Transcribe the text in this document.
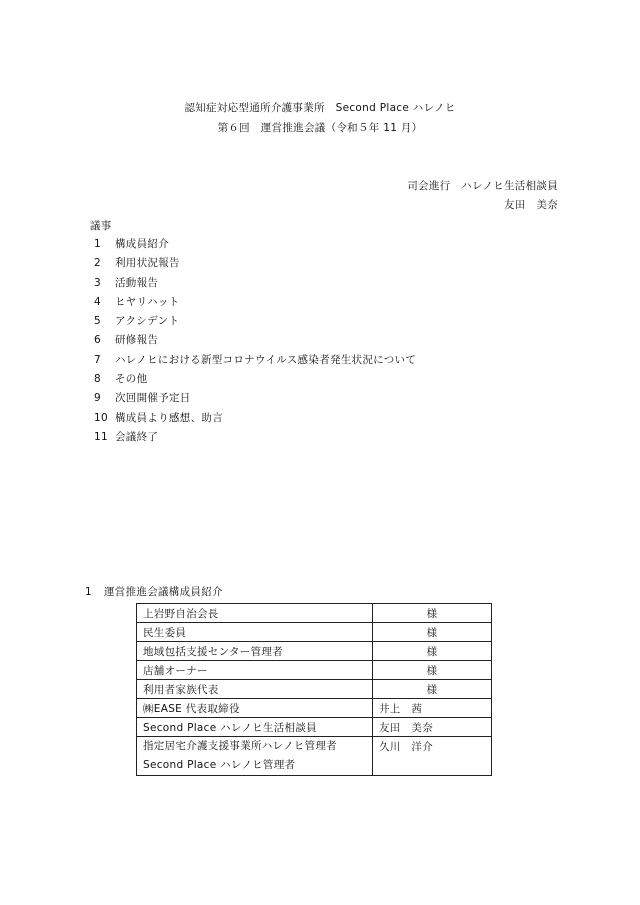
認知症対応型通所介護事業所　Second Place ハレノヒ
第６回　運営推進会議（令和５年 11 月）
司会進行　ハレノヒ生活相談員
友田　美奈
議事
1 構成員紹介
2 利用状況報告
3 活動報告
4 ヒヤリハット
5 アクシデント
6 研修報告
7 ハレノヒにおける新型コロナウイルス感染者発生状況について
8 その他
9 次回開催予定日
10 構成員より感想、助言
11 会議終了
1 運営推進会議構成員紹介
上岩野自治会長	様
民生委員	様
地域包括支援センター管理者	様
店舗オーナー	様
利用者家族代表	様
㈱EASE 代表取締役	井上　茜
Second Place ハレノヒ生活相談員	友田　美奈

指定居宅介護支援事業所ハレノヒ管理者
Second Place ハレノヒ管理者	久川　洋介
